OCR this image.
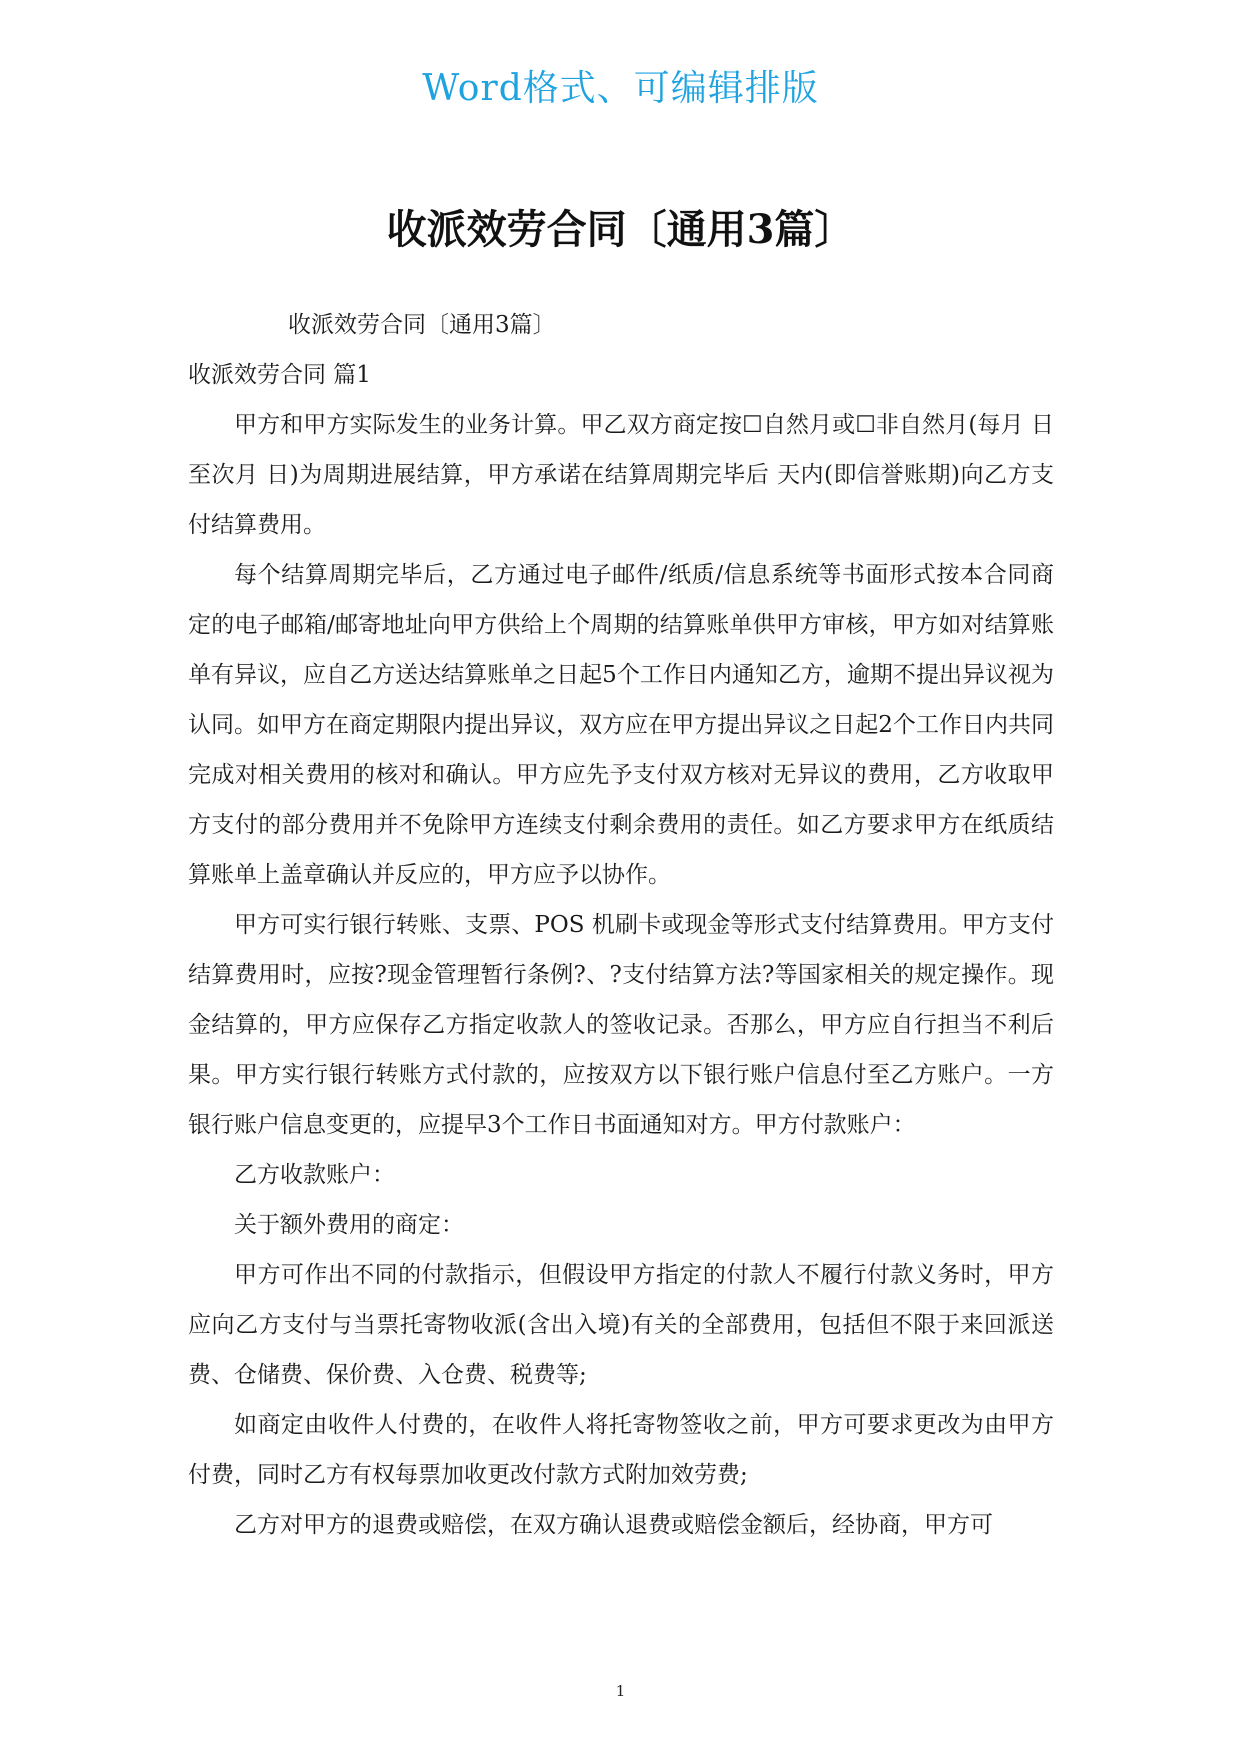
Word格式、可编辑排版
收派效劳合同〔通用3篇〕

收派效劳合同〔通用3篇〕

收派效劳合同 篇1

甲方和甲方实际发生的业务计算。甲乙双方商定按☐自然月或☐非自然月(每月 日至次月 日)为周期进展结算，甲方承诺在结算周期完毕后 天内(即信誉账期)向乙方支付结算费用。

每个结算周期完毕后，乙方通过电子邮件/纸质/信息系统等书面形式按本合同商定的电子邮箱/邮寄地址向甲方供给上个周期的结算账单供甲方审核，甲方如对结算账单有异议，应自乙方送达结算账单之日起5个工作日内通知乙方，逾期不提出异议视为认同。如甲方在商定期限内提出异议，双方应在甲方提出异议之日起2个工作日内共同完成对相关费用的核对和确认。甲方应先予支付双方核对无异议的费用，乙方收取甲方支付的部分费用并不免除甲方连续支付剩余费用的责任。如乙方要求甲方在纸质结算账单上盖章确认并反应的，甲方应予以协作。

甲方可实行银行转账、支票、POS 机刷卡或现金等形式支付结算费用。甲方支付结算费用时，应按?现金管理暂行条例?、?支付结算方法?等国家相关的规定操作。现金结算的，甲方应保存乙方指定收款人的签收记录。否那么，甲方应自行担当不利后果。甲方实行银行转账方式付款的，应按双方以下银行账户信息付至乙方账户。一方银行账户信息变更的，应提早3个工作日书面通知对方。甲方付款账户：

乙方收款账户：

关于额外费用的商定：

甲方可作出不同的付款指示，但假设甲方指定的付款人不履行付款义务时，甲方应向乙方支付与当票托寄物收派(含出入境)有关的全部费用，包括但不限于来回派送费、仓储费、保价费、入仓费、税费等;

如商定由收件人付费的，在收件人将托寄物签收之前，甲方可要求更改为由甲方付费，同时乙方有权每票加收更改付款方式附加效劳费;

乙方对甲方的退费或赔偿，在双方确认退费或赔偿金额后，经协商，甲方可

1
